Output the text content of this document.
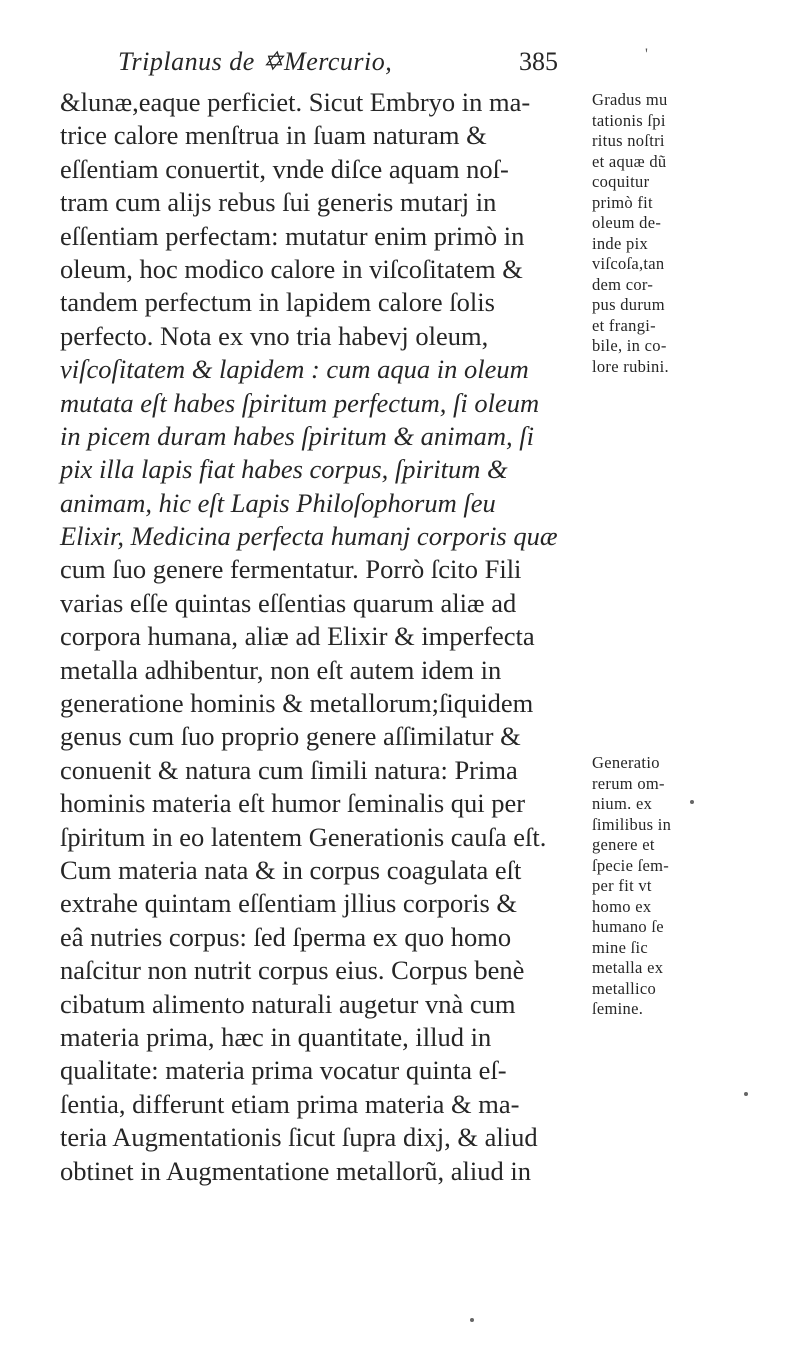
Triplanus de ✡Mercurio,	385	'
&lunæ,eaque perficiet. Sicut Embryo in ma-
trice calore menſtrua in ſuam naturam &
eſſentiam conuertit, vnde diſce aquam noſ-
tram cum aliјs rebus ſui generis mutarј in
eſſentiam perfectam: mutatur enim primò in
oleum, hoc modico calore in viſcoſitatem &
tandem perfectum in lapidem calore ſolis
perfecto. Nota ex vno tria habevj oleum,
viſcoſitatem & lapidem : cum aqua in oleum
mutata eſt habes ſpiritum perfectum, ſi oleum
in picem duram habes ſpiritum & animam, ſi
pix illa lapis fiat habes corpus, ſpiritum &
animam, hic eſt Lapis Philoſophorum ſeu
Elixir, Medicina perfecta humanj corporis quæ
cum ſuo genere fermentatur. Porrò ſcito Fili
varias eſſe quintas eſſentias quarum aliæ ad
corpora humana, aliæ ad Elixir & imperfecta
metalla adhibentur, non eſt autem idem in
generatione hominis & metallorum;ſiquidem
genus cum ſuo proprio genere aſſimilatur &
conuenit & natura cum ſimili natura: Prima
hominis materia eſt humor ſeminalis qui per
ſpiritum in eo latentem Generationis cauſa eſt.
Cum materia nata & in corpus coagulata eſt
extrahe quintam eſſentiam jllius corporis &
eâ nutries corpus: ſed ſperma ex quo homo
naſcitur non nutrit corpus eius. Corpus benè
cibatum alimento naturali augetur vnà cum
materia prima, hæc in quantitate, illud in
qualitate: materia prima vocatur quinta eſ-
ſentia, differunt etiam prima materia & ma-
teria Augmentationis ſicut ſupra dixj, & aliud
obtinet in Augmentatione metallorũ, aliud in
Gradus mu
tationis ſpi
ritus noſtri
et aquæ dũ
coquitur
primò fit
oleum de-
inde pix
viſcoſa,tan
dem cor-
pus durum
et frangi-
bile, in co-
lore rubini.
Generatio
rerum om-
nium. ex
ſimilibus in
genere et
ſpecie ſem-
per fit vt
homo ex
humano ſe
mine ſic
metalla ex
metallico
ſemine.
